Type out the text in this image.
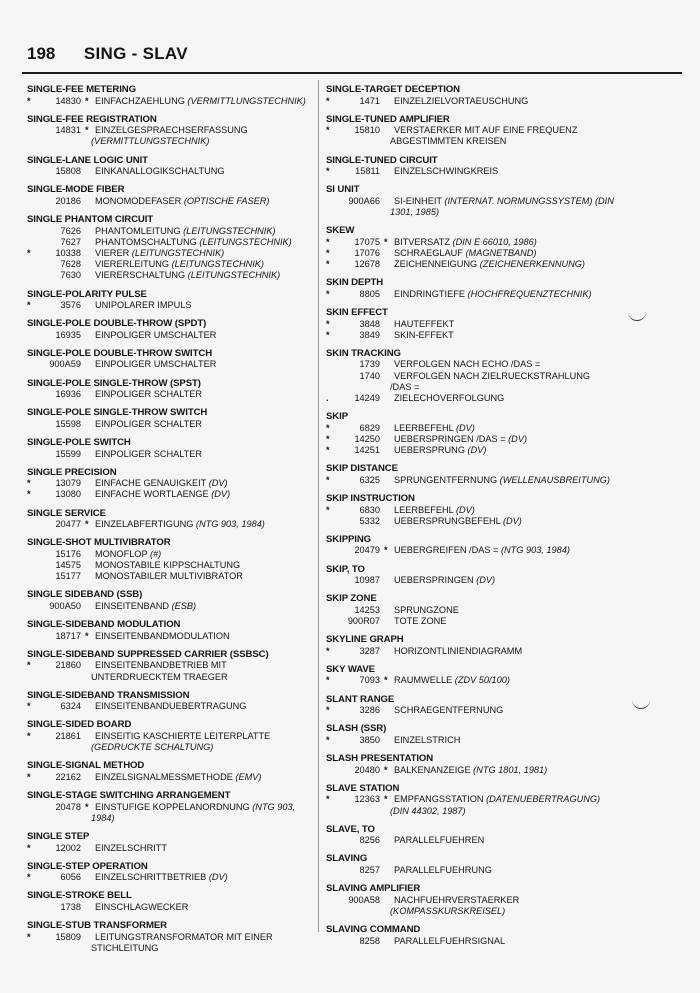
198 SING - SLAV
SINGLE-FEE METERING
*	14830 * EINFACHZAEHLUNG (VERMITTLUNGSTECHNIK)
SINGLE-FEE REGISTRATION
14831 * EINZELGESPRAECHSERFASSUNG
(VERMITTLUNGSTECHNIK)
SINGLE-LANE LOGIC UNIT
15808	EINKANALLOGIKSCHALTUNG
SINGLE-MODE FIBER
20186	MONOMODEFASER (OPTISCHE FASER)
SINGLE PHANTOM CIRCUIT
7626	PHANTOMLEITUNG (LEITUNGSTECHNIK)
7627	PHANTOMSCHALTUNG (LEITUNGSTECHNIK)
*	10338	VIERER (LEITUNGSTECHNIK)
7628	VIERERLEITUNG (LEITUNGSTECHNIK)
7630	VIERERSCHALTUNG (LEITUNGSTECHNIK)
SINGLE-POLARITY PULSE
*	3576	UNIPOLARER IMPULS
SINGLE-POLE DOUBLE-THROW (SPDT)
16935	EINPOLIGER UMSCHALTER
SINGLE-POLE DOUBLE-THROW SWITCH
900A59	EINPOLIGER UMSCHALTER
SINGLE-POLE SINGLE-THROW (SPST)
16936	EINPOLIGER SCHALTER
SINGLE-POLE SINGLE-THROW SWITCH
15598	EINPOLIGER SCHALTER
SINGLE-POLE SWITCH
15599	EINPOLIGER SCHALTER
SINGLE PRECISION
*	13079	EINFACHE GENAUIGKEIT (DV)
*	13080	EINFACHE WORTLAENGE (DV)
SINGLE SERVICE
20477 * EINZELABFERTIGUNG (NTG 903, 1984)
SINGLE-SHOT MULTIVIBRATOR
15176	MONOFLOP (#)
14575	MONOSTABILE KIPPSCHALTUNG
15177	MONOSTABILER MULTIVIBRATOR
SINGLE SIDEBAND (SSB)
900A50	EINSEITENBAND (ESB)
SINGLE-SIDEBAND MODULATION
18717 * EINSEITENBANDMODULATION
SINGLE-SIDEBAND SUPPRESSED CARRIER (SSBSC)
*	21860	EINSEITENBANDBETRIEB MIT
UNTERDRUECKTEM TRAEGER
SINGLE-SIDEBAND TRANSMISSION
*	6324	EINSEITENBANDUEBERTRAGUNG
SINGLE-SIDED BOARD
*	21861	EINSEITIG KASCHIERTE LEITERPLATTE
(GEDRUCKTE SCHALTUNG)
SINGLE-SIGNAL METHOD
*	22162	EINZELSIGNALMESSMETHODE (EMV)
SINGLE-STAGE SWITCHING ARRANGEMENT
20478 * EINSTUFIGE KOPPELANORDNUNG (NTG 903,
1984)
SINGLE STEP
*	12002	EINZELSCHRITT
SINGLE-STEP OPERATION
*	6056	EINZELSCHRITTBETRIEB (DV)
SINGLE-STROKE BELL
1738	EINSCHLAGWECKER
SINGLE-STUB TRANSFORMER
*	15809	LEITUNGSTRANSFORMATOR MIT EINER
STICHLEITUNG
SINGLE-TARGET DECEPTION
*	1471	EINZELZIELVORTAEUSCHUNG
SINGLE-TUNED AMPLIFIER
*	15810	VERSTAERKER MIT AUF EINE FREQUENZ
ABGESTIMMTEN KREISEN
SINGLE-TUNED CIRCUIT
*	15811	EINZELSCHWINGKREIS
SI UNIT
900A66	SI-EINHEIT (INTERNAT. NORMUNGSSYSTEM) (DIN
1301, 1985)
SKEW
*	17075 * BITVERSATZ (DIN E 66010, 1986)
*	17076	SCHRAEGLAUF (MAGNETBAND)
*	12678	ZEICHENNEIGUNG (ZEICHENERKENNUNG)
SKIN DEPTH
*	8805	EINDRINGTIEFE (HOCHFREQUENZTECHNIK)
SKIN EFFECT
*	3848	HAUTEFFEKT
*	3849	SKIN-EFFEKT
SKIN TRACKING
1739	VERFOLGEN NACH ECHO /DAS =
1740	VERFOLGEN NACH ZIELRUECKSTRAHLUNG
/DAS =
.	14249	ZIELECHOVERFOLGUNG
SKIP
*	6829	LEERBEFEHL (DV)
*	14250	UEBERSPRINGEN /DAS = (DV)
*	14251	UEBERSPRUNG (DV)
SKIP DISTANCE
*	6325	SPRUNGENTFERNUNG (WELLENAUSBREITUNG)
SKIP INSTRUCTION
*	6830	LEERBEFEHL (DV)
5332	UEBERSPRUNGBEFEHL (DV)
SKIPPING
20479 * UEBERGREIFEN /DAS = (NTG 903, 1984)
SKIP, TO
10987	UEBERSPRINGEN (DV)
SKIP ZONE
14253	SPRUNGZONE
900R07	TOTE ZONE
SKYLINE GRAPH
*	3287	HORIZONTLINIENDIAGRAMM
SKY WAVE
*	7093 * RAUMWELLE (ZDV 50/100)
SLANT RANGE
*	3286	SCHRAEGENTFERNUNG
SLASH (SSR)
*	3850	EINZELSTRICH
SLASH PRESENTATION
20480 * BALKENANZEIGE (NTG 1801, 1981)
SLAVE STATION
*	12363 * EMPFANGSSTATION (DATENUEBERTRAGUNG)
(DIN 44302, 1987)
SLAVE, TO
8256	PARALLELFUEHREN
SLAVING
8257	PARALLELFUEHRUNG
SLAVING AMPLIFIER
900A58	NACHFUEHRVERSTAERKER
(KOMPASSKURSKREISEL)
SLAVING COMMAND
8258	PARALLELFUEHRSIGNAL
